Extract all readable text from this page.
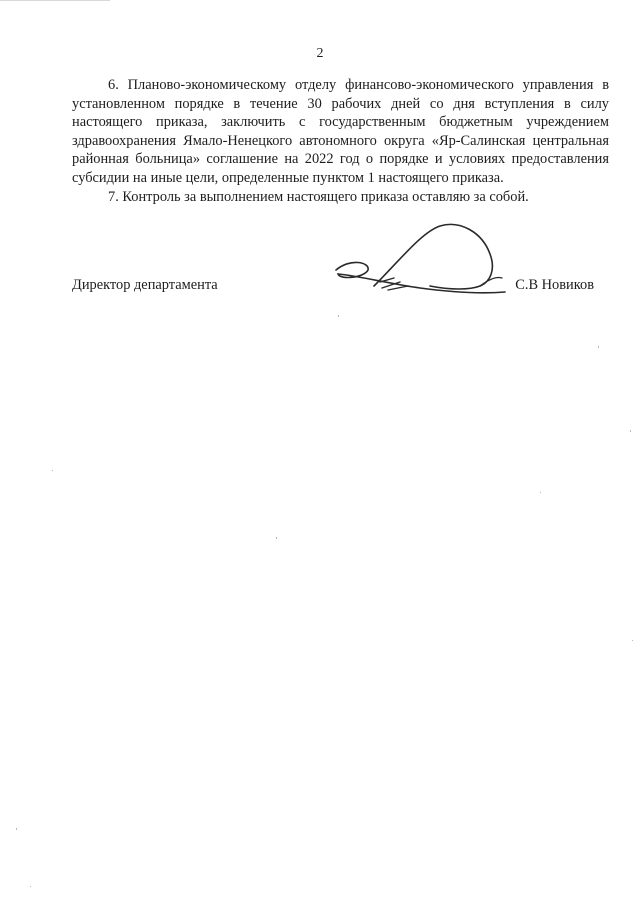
2

6. Планово-экономическому отделу финансово-экономического управления в установленном порядке в течение 30 рабочих дней со дня вступления в силу настоящего приказа, заключить с государственным бюджетным учреждением здравоохранения Ямало-Ненецкого автономного округа «Яр-Салинская центральная районная больница» соглашение на 2022 год о порядке и условиях предоставления субсидии на иные цели, определенные пунктом 1 настоящего приказа.

7. Контроль за выполнением настоящего приказа оставляю за собой.

Директор департамента	С.В Новиков
